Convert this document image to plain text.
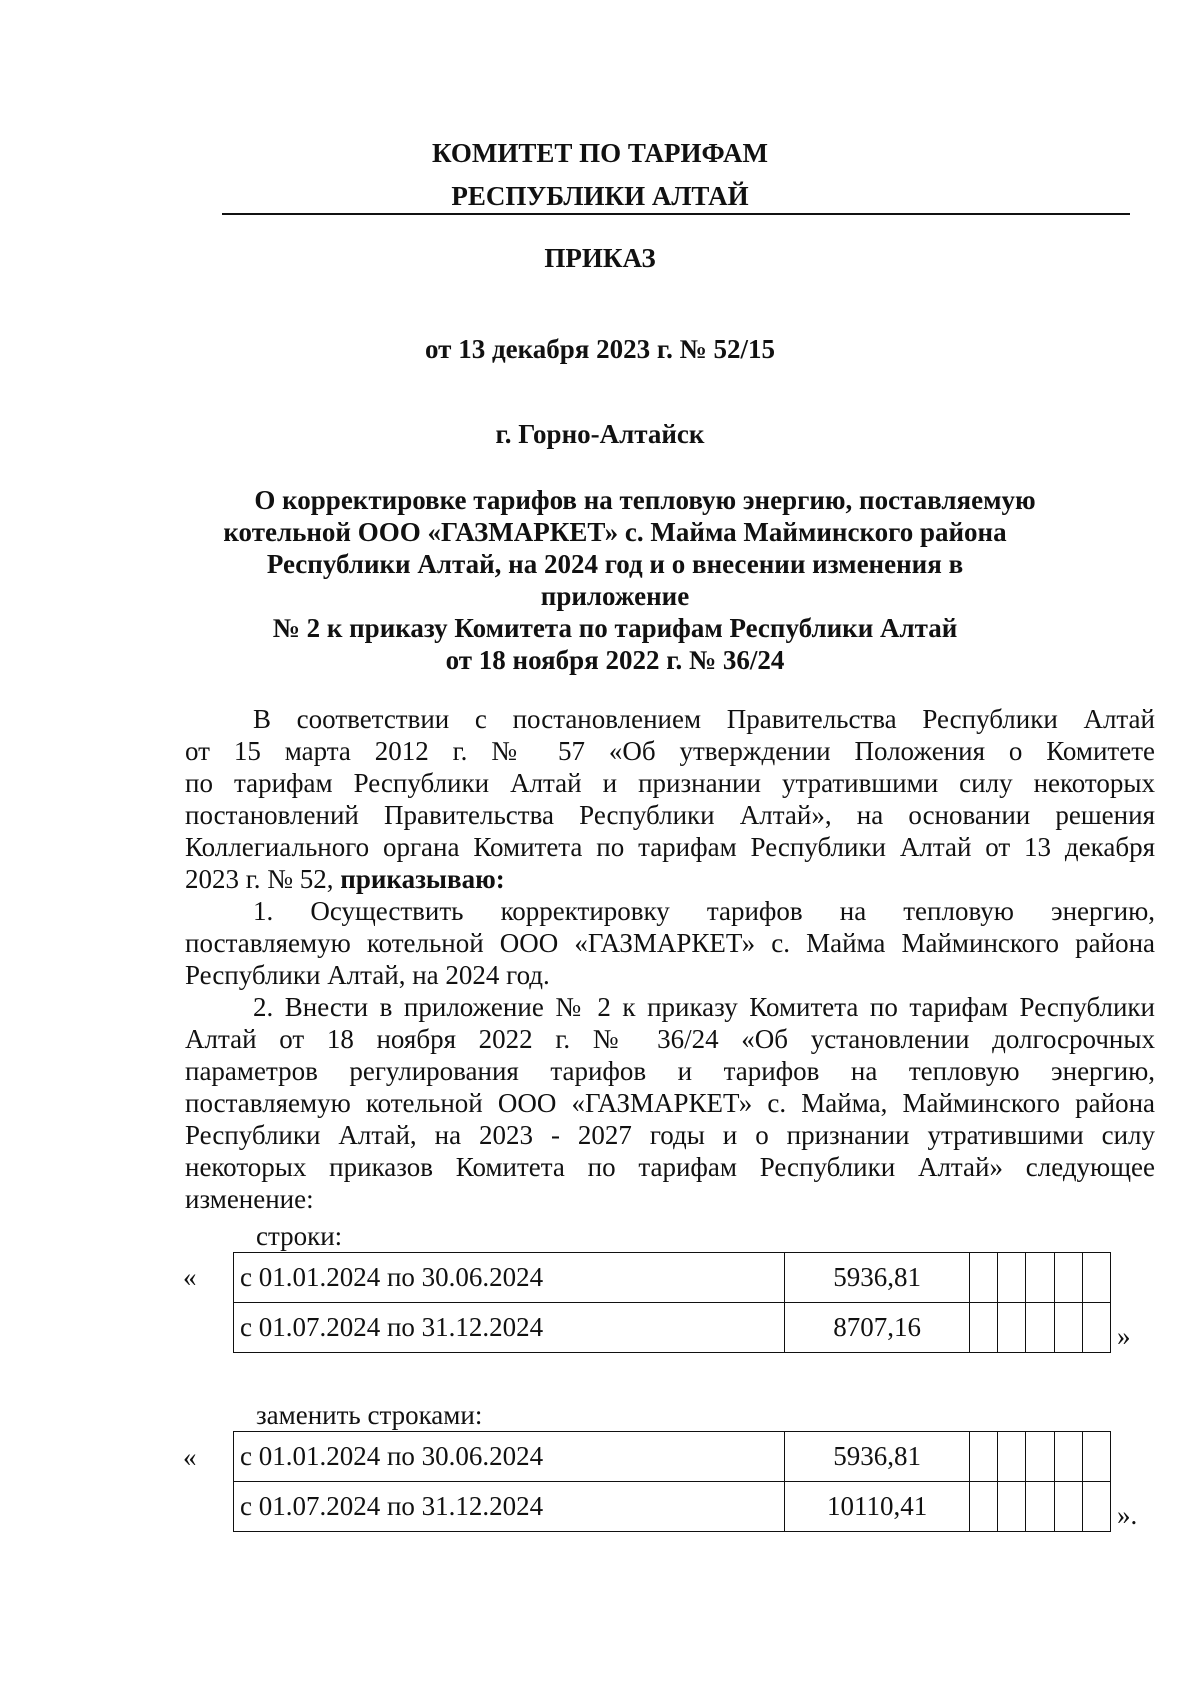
КОМИТЕТ ПО ТАРИФАМ
РЕСПУБЛИКИ АЛТАЙ
ПРИКАЗ
от 13 декабря 2023 г. № 52/15
г. Горно-Алтайск
О корректировке тарифов на тепловую энергию, поставляемую
котельной ООО «ГАЗМАРКЕТ» с. Майма Майминского района
Республики Алтай, на 2024 год и о внесении изменения в приложение
№ 2 к приказу Комитета по тарифам Республики Алтай
от 18 ноября 2022 г. № 36/24
В соответствии с постановлением Правительства Республики Алтай
от 15 марта 2012 г. № 57 «Об утверждении Положения о Комитете
по тарифам Республики Алтай и признании утратившими силу некоторых
постановлений Правительства Республики Алтай», на основании решения
Коллегиального органа Комитета по тарифам Республики Алтай от 13 декабря
2023 г. № 52, приказываю:
1. Осуществить корректировку тарифов на тепловую энергию,
поставляемую котельной ООО «ГАЗМАРКЕТ» с. Майма Майминского района
Республики Алтай, на 2024 год.
2. Внести в приложение № 2 к приказу Комитета по тарифам Республики
Алтай от 18 ноября 2022 г. № 36/24 «Об установлении долгосрочных
параметров регулирования тарифов и тарифов на тепловую энергию,
поставляемую котельной ООО «ГАЗМАРКЕТ» с. Майма, Майминского района
Республики Алтай, на 2023 - 2027 годы и о признании утратившими силу
некоторых приказов Комитета по тарифам Республики Алтай» следующее
изменение:
строки:
« с 01.01.2024 по 30.06.2024	5936,81					
с 01.07.2024 по 31.12.2024	8707,16						»
заменить строками:
« с 01.01.2024 по 30.06.2024	5936,81					
с 01.07.2024 по 31.12.2024	10110,41						».
